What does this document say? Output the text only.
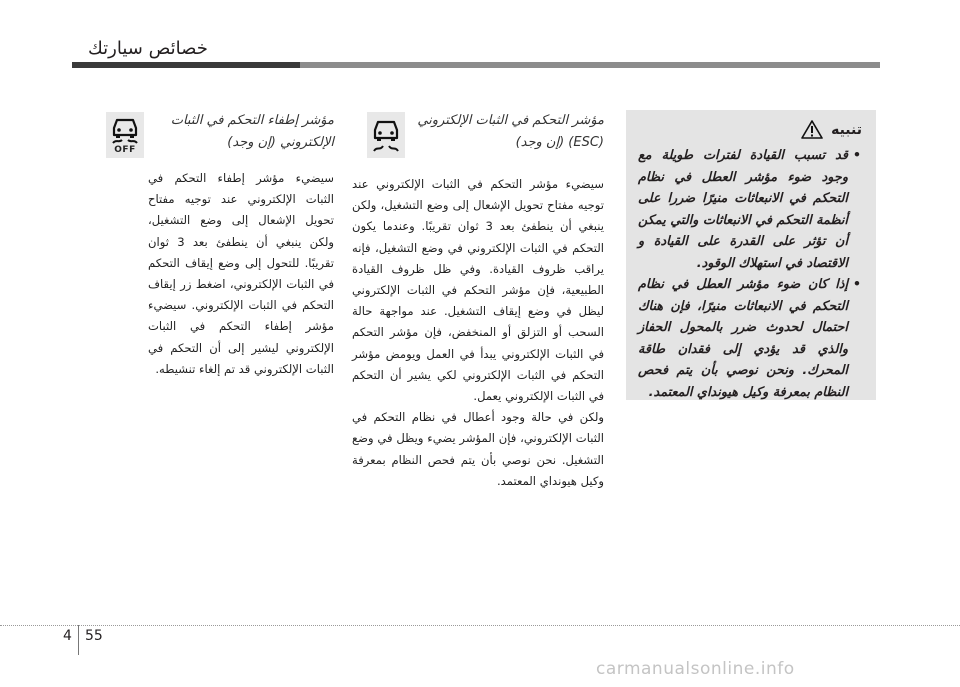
خصائص سيارتك
OFF
مؤشر إطفاء التحكم في الثبات
الإلكتروني (إن وجد)

سيضيء مؤشر إطفاء التحكم في الثبات الإلكتروني عند توجيه مفتاح تحويل الإشعال إلى وضع التشغيل، ولكن ينبغي أن ينطفئ بعد 3 ثوان تقريبًا. للتحول إلى وضع إيقاف التحكم في الثبات الإلكتروني، اضغط زر إيقاف التحكم في الثبات الإلكتروني. سيضيء مؤشر إطفاء التحكم في الثبات الإلكتروني ليشير إلى أن التحكم في الثبات الإلكتروني قد تم إلغاء تنشيطه.

مؤشر التحكم في الثبات الإلكتروني
(ESC) (إن وجد)

سيضيء مؤشر التحكم في الثبات الإلكتروني عند توجيه مفتاح تحويل الإشعال إلى وضع التشغيل، ولكن ينبغي أن ينطفئ بعد 3 ثوان تقريبًا. وعندما يكون التحكم في الثبات الإلكتروني في وضع التشغيل، فإنه يراقب ظروف القيادة. وفي ظل ظروف القيادة الطبيعية، فإن مؤشر التحكم في الثبات الإلكتروني ليظل في وضع إيقاف التشغيل. عند مواجهة حالة السحب أو التزلق أو المنخفض، فإن مؤشر التحكم في الثبات الإلكتروني يبدأ في العمل ويومض مؤشر التحكم في الثبات الإلكتروني لكي يشير أن التحكم في الثبات الإلكتروني يعمل.

ولكن في حالة وجود أعطال في نظام التحكم في الثبات الإلكتروني، فإن المؤشر يضيء ويظل في وضع التشغيل. نحن نوصي بأن يتم فحص النظام بمعرفة وكيل هيونداي المعتمد.

تنبيه
• قد تسبب القيادة لفترات طويلة مع وجود ضوء مؤشر العطل في نظام التحكم في الانبعاثات منيرًا ضررا على أنظمة التحكم في الانبعاثات والتي يمكن أن تؤثر على القدرة على القيادة و الاقتصاد في استهلاك الوقود.
• إذا كان ضوء مؤشر العطل في نظام التحكم في الانبعاثات منيرًا، فإن هناك احتمال لحدوث ضرر بالمحول الحفاز والذي قد يؤدي إلى فقدان طاقة المحرك. ونحن نوصي بأن يتم فحص النظام بمعرفة وكيل هيونداي المعتمد.
4 55
carmanualsonline.info
